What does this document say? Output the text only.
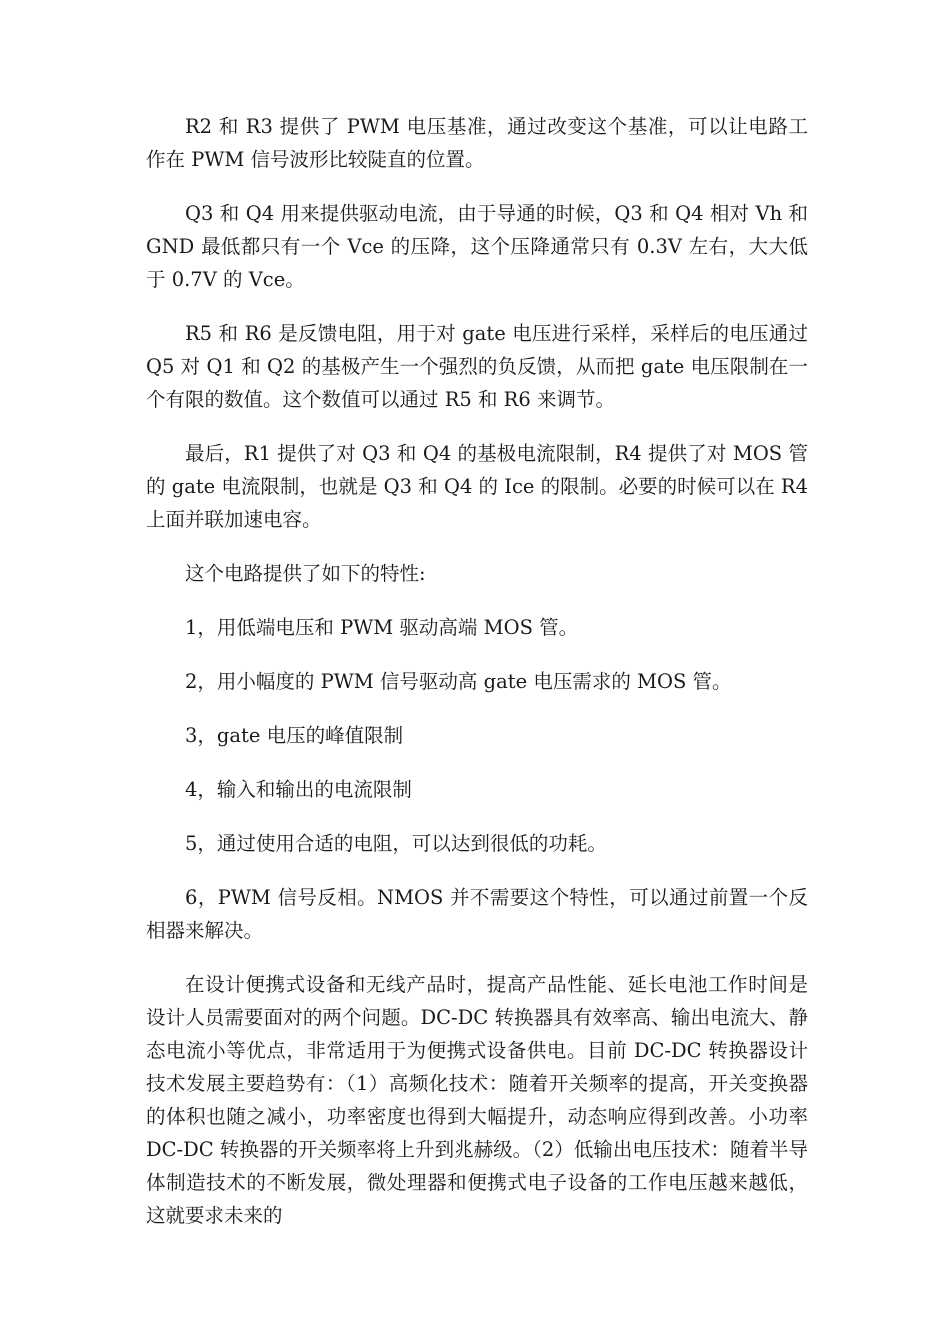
R2 和 R3 提供了 PWM 电压基准，通过改变这个基准，可以让电路工作在 PWM 信号波形比较陡直的位置。

Q3 和 Q4 用来提供驱动电流，由于导通的时候，Q3 和 Q4 相对 Vh 和 GND 最低都只有一个 Vce 的压降，这个压降通常只有 0.3V 左右，大大低于 0.7V 的 Vce。

R5 和 R6 是反馈电阻，用于对 gate 电压进行采样，采样后的电压通过 Q5 对 Q1 和 Q2 的基极产生一个强烈的负反馈，从而把 gate 电压限制在一个有限的数值。这个数值可以通过 R5 和 R6 来调节。

最后，R1 提供了对 Q3 和 Q4 的基极电流限制，R4 提供了对 MOS 管的 gate 电流限制，也就是 Q3 和 Q4 的 Ice 的限制。必要的时候可以在 R4 上面并联加速电容。

这个电路提供了如下的特性:

1，用低端电压和 PWM 驱动高端 MOS 管。

2，用小幅度的 PWM 信号驱动高 gate 电压需求的 MOS 管。

3，gate 电压的峰值限制

4，输入和输出的电流限制

5，通过使用合适的电阻，可以达到很低的功耗。

6，PWM 信号反相。NMOS 并不需要这个特性，可以通过前置一个反相器来解决。

在设计便携式设备和无线产品时，提高产品性能、延长电池工作时间是设计人员需要面对的两个问题。DC-DC 转换器具有效率高、输出电流大、静态电流小等优点，非常适用于为便携式设备供电。目前 DC-DC 转换器设计技术发展主要趋势有：（1）高频化技术：随着开关频率的提高，开关变换器的体积也随之减小，功率密度也得到大幅提升，动态响应得到改善。小功率 DC-DC 转换器的开关频率将上升到兆赫级。（2）低输出电压技术：随着半导体制造技术的不断发展，微处理器和便携式电子设备的工作电压越来越低，这就要求未来的
